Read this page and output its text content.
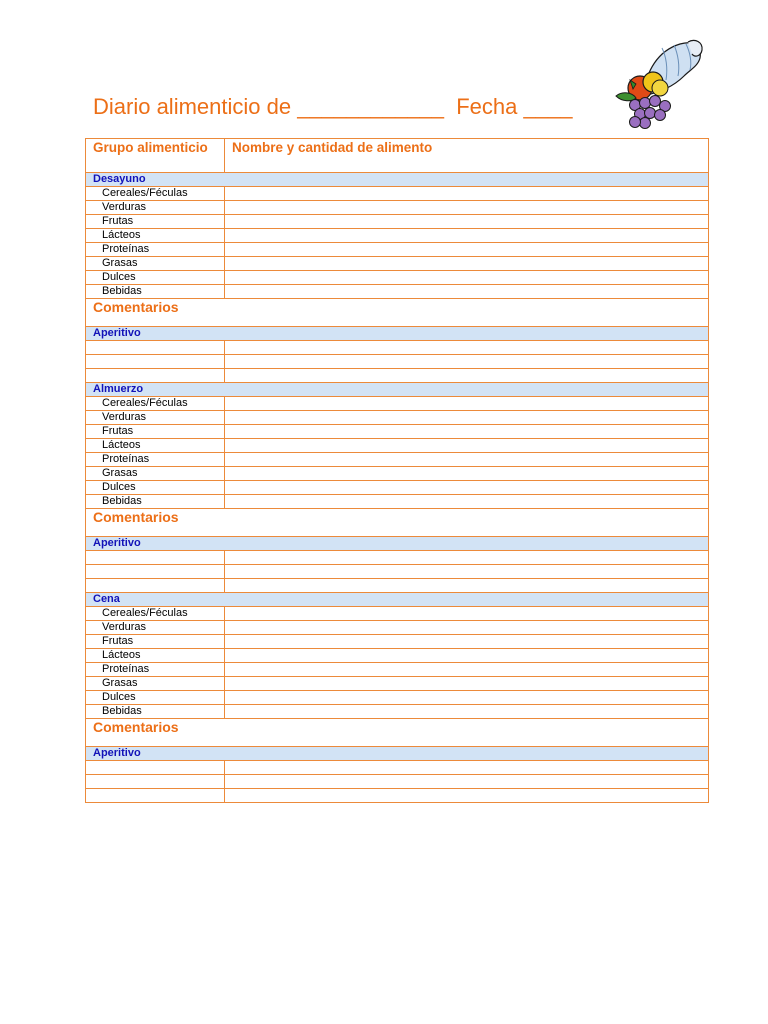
Diario alimenticio de ____________  Fecha ____
Grupo alimenticio	Nombre y cantidad de alimento
Desayuno	
Cereales/Féculas	
Verduras	
Frutas	
Lácteos	
Proteínas	
Grasas	
Dulces	
Bebidas	
Comentarios	
Aperitivo	

Almuerzo	
Cereales/Féculas	
Verduras	
Frutas	
Lácteos	
Proteínas	
Grasas	
Dulces	
Bebidas	
Comentarios	
Aperitivo	

Cena	
Cereales/Féculas	
Verduras	
Frutas	
Lácteos	
Proteínas	
Grasas	
Dulces	
Bebidas	
Comentarios	
Aperitivo	
